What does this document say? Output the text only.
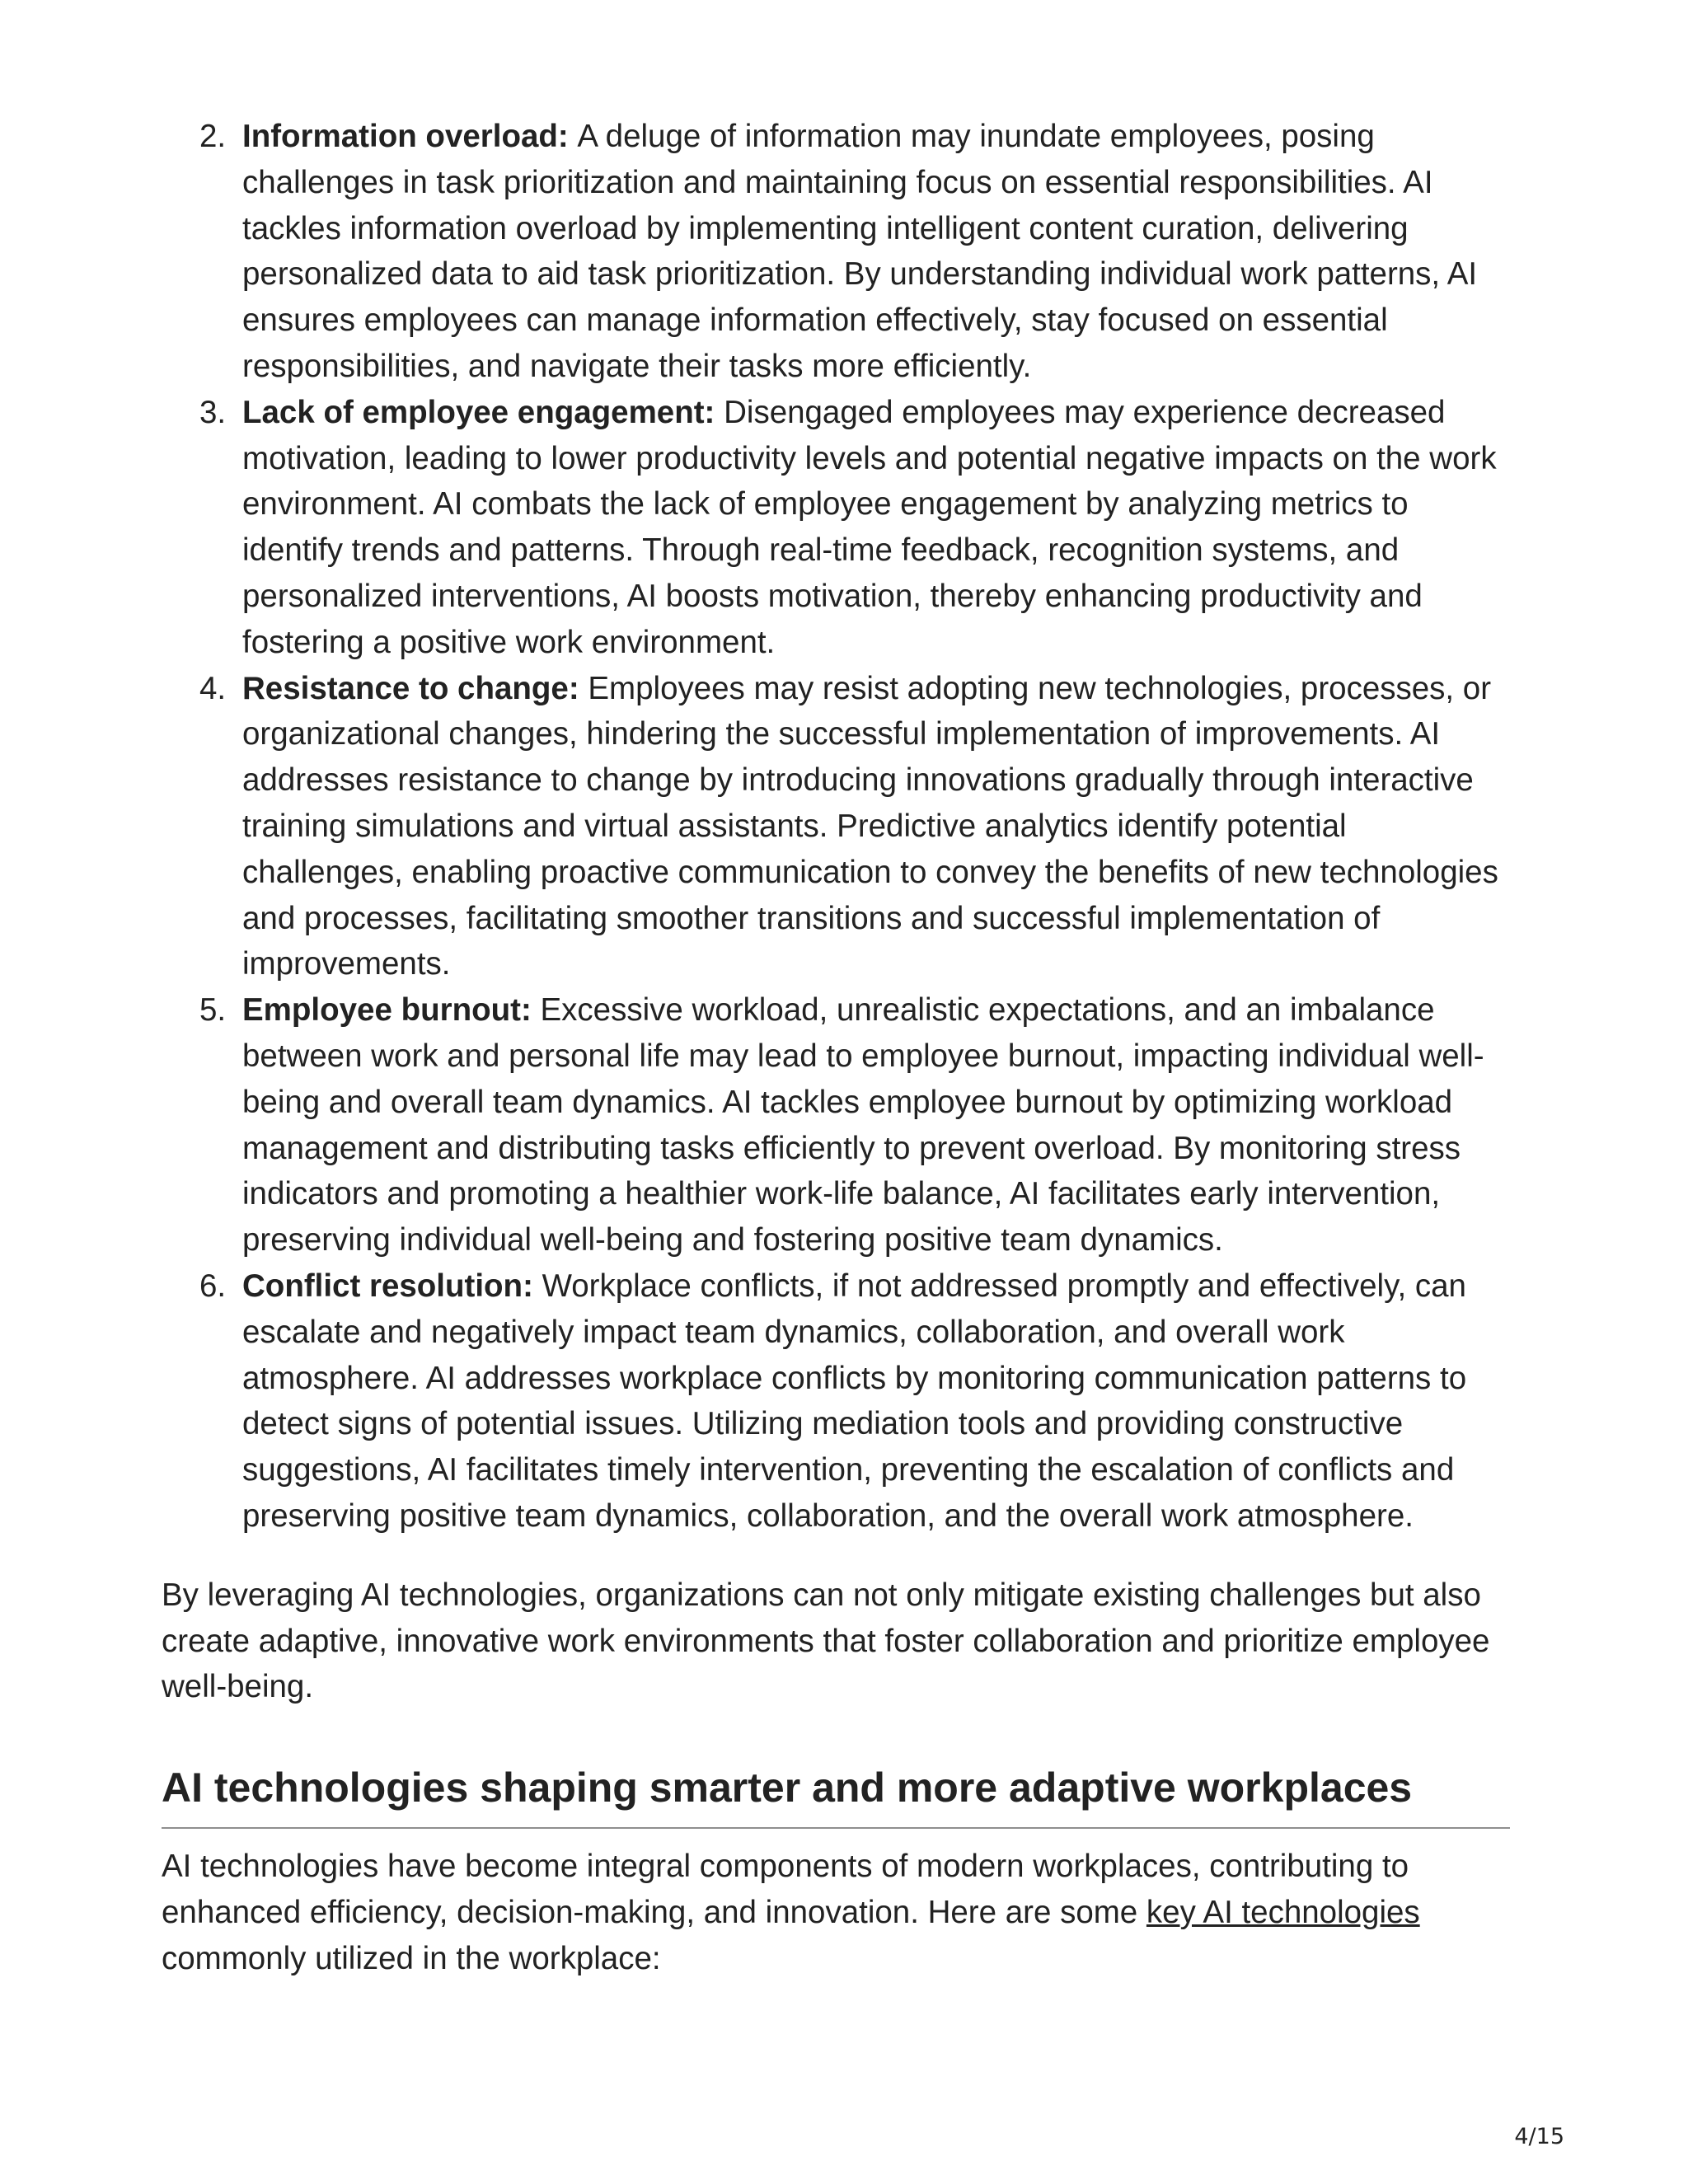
2. Information overload: A deluge of information may inundate employees, posing challenges in task prioritization and maintaining focus on essential responsibilities. AI tackles information overload by implementing intelligent content curation, delivering personalized data to aid task prioritization. By understanding individual work patterns, AI ensures employees can manage information effectively, stay focused on essential responsibilities, and navigate their tasks more efficiently.
3. Lack of employee engagement: Disengaged employees may experience decreased motivation, leading to lower productivity levels and potential negative impacts on the work environment. AI combats the lack of employee engagement by analyzing metrics to identify trends and patterns. Through real-time feedback, recognition systems, and personalized interventions, AI boosts motivation, thereby enhancing productivity and fostering a positive work environment.
4. Resistance to change: Employees may resist adopting new technologies, processes, or organizational changes, hindering the successful implementation of improvements. AI addresses resistance to change by introducing innovations gradually through interactive training simulations and virtual assistants. Predictive analytics identify potential challenges, enabling proactive communication to convey the benefits of new technologies and processes, facilitating smoother transitions and successful implementation of improvements.
5. Employee burnout: Excessive workload, unrealistic expectations, and an imbalance between work and personal life may lead to employee burnout, impacting individual well-being and overall team dynamics. AI tackles employee burnout by optimizing workload management and distributing tasks efficiently to prevent overload. By monitoring stress indicators and promoting a healthier work-life balance, AI facilitates early intervention, preserving individual well-being and fostering positive team dynamics.
6. Conflict resolution: Workplace conflicts, if not addressed promptly and effectively, can escalate and negatively impact team dynamics, collaboration, and overall work atmosphere. AI addresses workplace conflicts by monitoring communication patterns to detect signs of potential issues. Utilizing mediation tools and providing constructive suggestions, AI facilitates timely intervention, preventing the escalation of conflicts and preserving positive team dynamics, collaboration, and the overall work atmosphere.

By leveraging AI technologies, organizations can not only mitigate existing challenges but also create adaptive, innovative work environments that foster collaboration and prioritize employee well-being.

AI technologies shaping smarter and more adaptive workplaces

AI technologies have become integral components of modern workplaces, contributing to enhanced efficiency, decision-making, and innovation. Here are some key AI technologies commonly utilized in the workplace:

4/15
